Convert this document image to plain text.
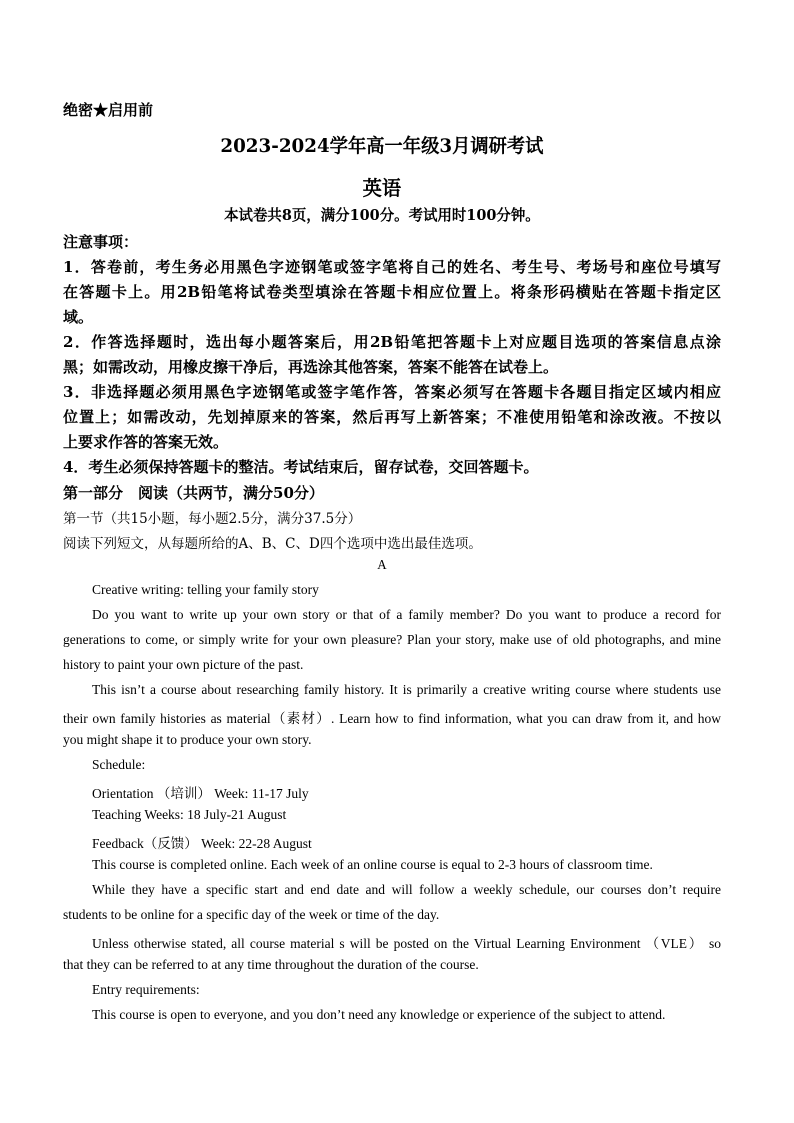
绝密★启用前
2023-2024学年高一年级3月调研考试
英语
本试卷共8页，满分100分。考试用时100分钟。
注意事项：
1．答卷前，考生务必用黑色字迹钢笔或签字笔将自己的姓名、考生号、考场号和座位号填写
在答题卡上。用2B铅笔将试卷类型填涂在答题卡相应位置上。将条形码横贴在答题卡指定区
域。
2．作答选择题时，选出每小题答案后，用2B铅笔把答题卡上对应题目选项的答案信息点涂
黑；如需改动，用橡皮擦干净后，再选涂其他答案，答案不能答在试卷上。
3．非选择题必须用黑色字迹钢笔或签字笔作答，答案必须写在答题卡各题目指定区域内相应
位置上；如需改动，先划掉原来的答案，然后再写上新答案；不准使用铅笔和涂改液。不按以
上要求作答的答案无效。
4．考生必须保持答题卡的整洁。考试结束后，留存试卷，交回答题卡。
第一部分　阅读（共两节，满分50分）
第一节（共15小题，每小题2.5分，满分37.5分）
阅读下列短文，从每题所给的A、B、C、D四个选项中选出最佳选项。
A
Creative writing: telling your family story
Do you want to write up your own story or that of a family member? Do you want to produce a record for
generations to come, or simply write for your own pleasure? Plan your story, make use of old photographs, and mine
history to paint your own picture of the past.
This isn’t a course about researching family history. It is primarily a creative writing course where students use
their own family histories as material（素材）. Learn how to find information, what you can draw from it, and how
you might shape it to produce your own story.
Schedule:
Orientation （培训） Week: 11-17 July
Teaching Weeks: 18 July-21 August
Feedback（反馈） Week: 22-28 August
This course is completed online. Each week of an online course is equal to 2-3 hours of classroom time.
While they have a specific start and end date and will follow a weekly schedule, our courses don’t require
students to be online for a specific day of the week or time of the day.
Unless otherwise stated, all course material s will be posted on the Virtual Learning Environment （VLE） so
that they can be referred to at any time throughout the duration of the course.
Entry requirements:
This course is open to everyone, and you don’t need any knowledge or experience of the subject to attend.
